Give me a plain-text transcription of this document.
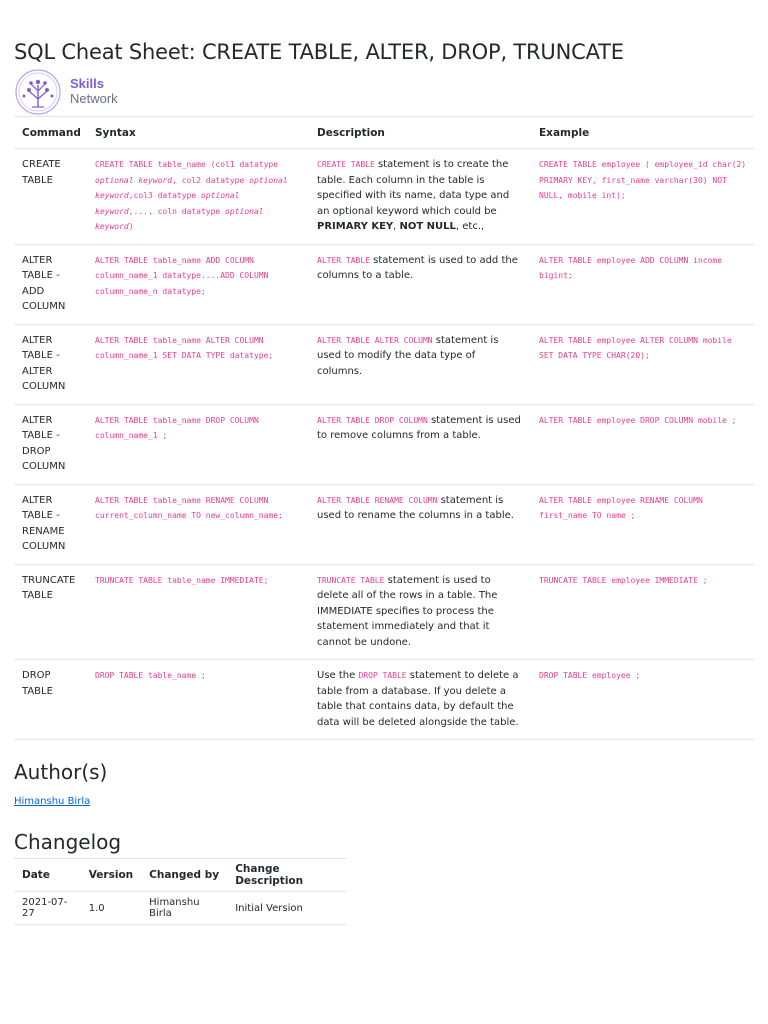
SQL Cheat Sheet: CREATE TABLE, ALTER, DROP, TRUNCATE
Skills
Network
Command	Syntax	Description	Example
CREATE TABLE	CREATE TABLE table_name (col1 datatype optional keyword, col2 datatype optional keyword,col3 datatype optional keyword,..., coln datatype optional keyword)	CREATE TABLE statement is to create the table. Each column in the table is specified with its name, data type and an optional keyword which could be PRIMARY KEY, NOT NULL, etc.,	CREATE TABLE employee ( employee_id char(2) PRIMARY KEY, first_name varchar(30) NOT NULL, mobile int);
ALTER TABLE - ADD COLUMN	ALTER TABLE table_name ADD COLUMN column_name_1 datatype....ADD COLUMN column_name_n datatype;	ALTER TABLE statement is used to add the columns to a table.	ALTER TABLE employee ADD COLUMN income bigint;
ALTER TABLE - ALTER COLUMN	ALTER TABLE table_name ALTER COLUMN column_name_1 SET DATA TYPE datatype;	ALTER TABLE ALTER COLUMN statement is used to modify the data type of columns.	ALTER TABLE employee ALTER COLUMN mobile SET DATA TYPE CHAR(20);
ALTER TABLE - DROP COLUMN	ALTER TABLE table_name DROP COLUMN column_name_1 ;	ALTER TABLE DROP COLUMN statement is used to remove columns from a table.	ALTER TABLE employee DROP COLUMN mobile ;
ALTER TABLE - RENAME COLUMN	ALTER TABLE table_name RENAME COLUMN current_column_name TO new_column_name;	ALTER TABLE RENAME COLUMN statement is used to rename the columns in a table.	ALTER TABLE employee RENAME COLUMN first_name TO name ;
TRUNCATE TABLE	TRUNCATE TABLE table_name IMMEDIATE;	TRUNCATE TABLE statement is used to delete all of the rows in a table. The IMMEDIATE specifies to process the statement immediately and that it cannot be undone.	TRUNCATE TABLE employee IMMEDIATE ;
DROP TABLE	DROP TABLE table_name ;	Use the DROP TABLE statement to delete a table from a database. If you delete a table that contains data, by default the data will be deleted alongside the table.	DROP TABLE employee ;
Author(s)
Himanshu Birla
Changelog
Date	Version	Changed by	Change Description
2021-07-27	1.0	Himanshu Birla	Initial Version
